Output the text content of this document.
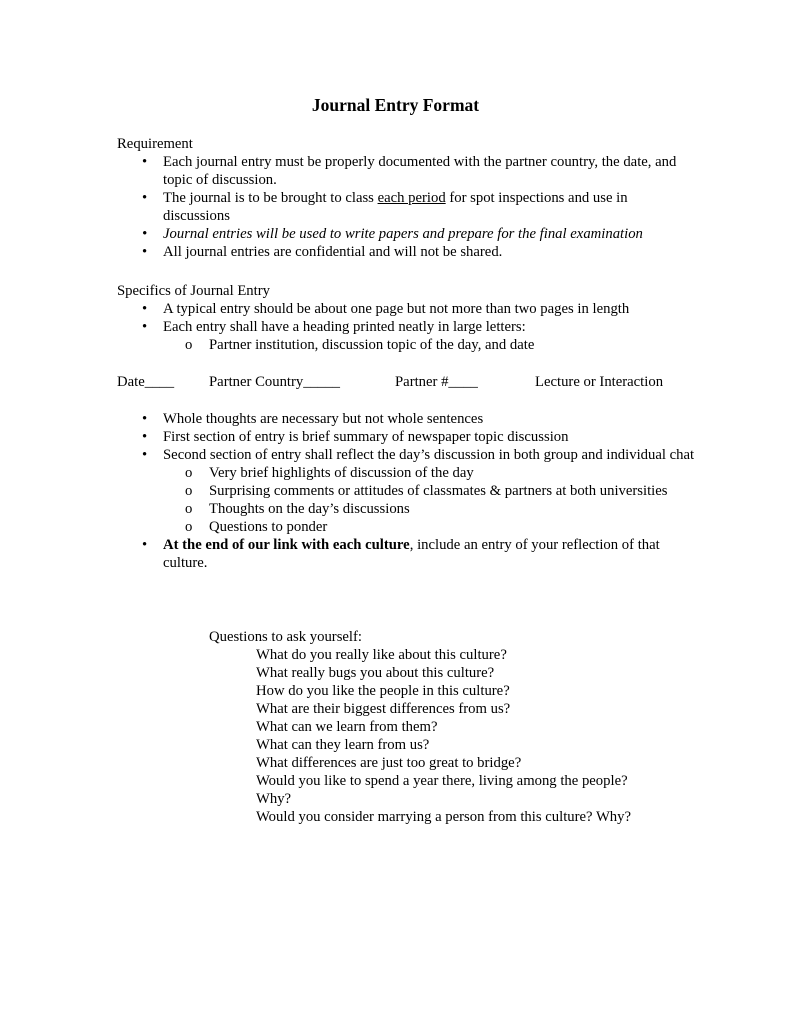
Journal Entry Format

Requirement

• Each journal entry must be properly documented with the partner country, the date, and topic of discussion.
• The journal is to be brought to class each period for spot inspections and use in discussions
• Journal entries will be used to write papers and prepare for the final examination
• All journal entries are confidential and will not be shared.

Specifics of Journal Entry

• A typical entry should be about one page but not more than two pages in length
• Each entry shall have a heading printed neatly in large letters:
o Partner institution, discussion topic of the day, and date
Date____ Partner Country_____	Partner #____	Lecture or Interaction
• Whole thoughts are necessary but not whole sentences
• First section of entry is brief summary of newspaper topic discussion
• Second section of entry shall reflect the day’s discussion in both group and individual chat
o Very brief highlights of discussion of the day
o Surprising comments or attitudes of classmates & partners at both universities
o Thoughts on the day’s discussions
o Questions to ponder
• At the end of our link with each culture, include an entry of your reflection of that culture.

Questions to ask yourself:

What do you really like about this culture?
What really bugs you about this culture?
How do you like the people in this culture?
What are their biggest differences from us?
What can we learn from them?
What can they learn from us?
What differences are just too great to bridge?
Would you like to spend a year there, living among the people?
Why?
Would you consider marrying a person from this culture? Why?
